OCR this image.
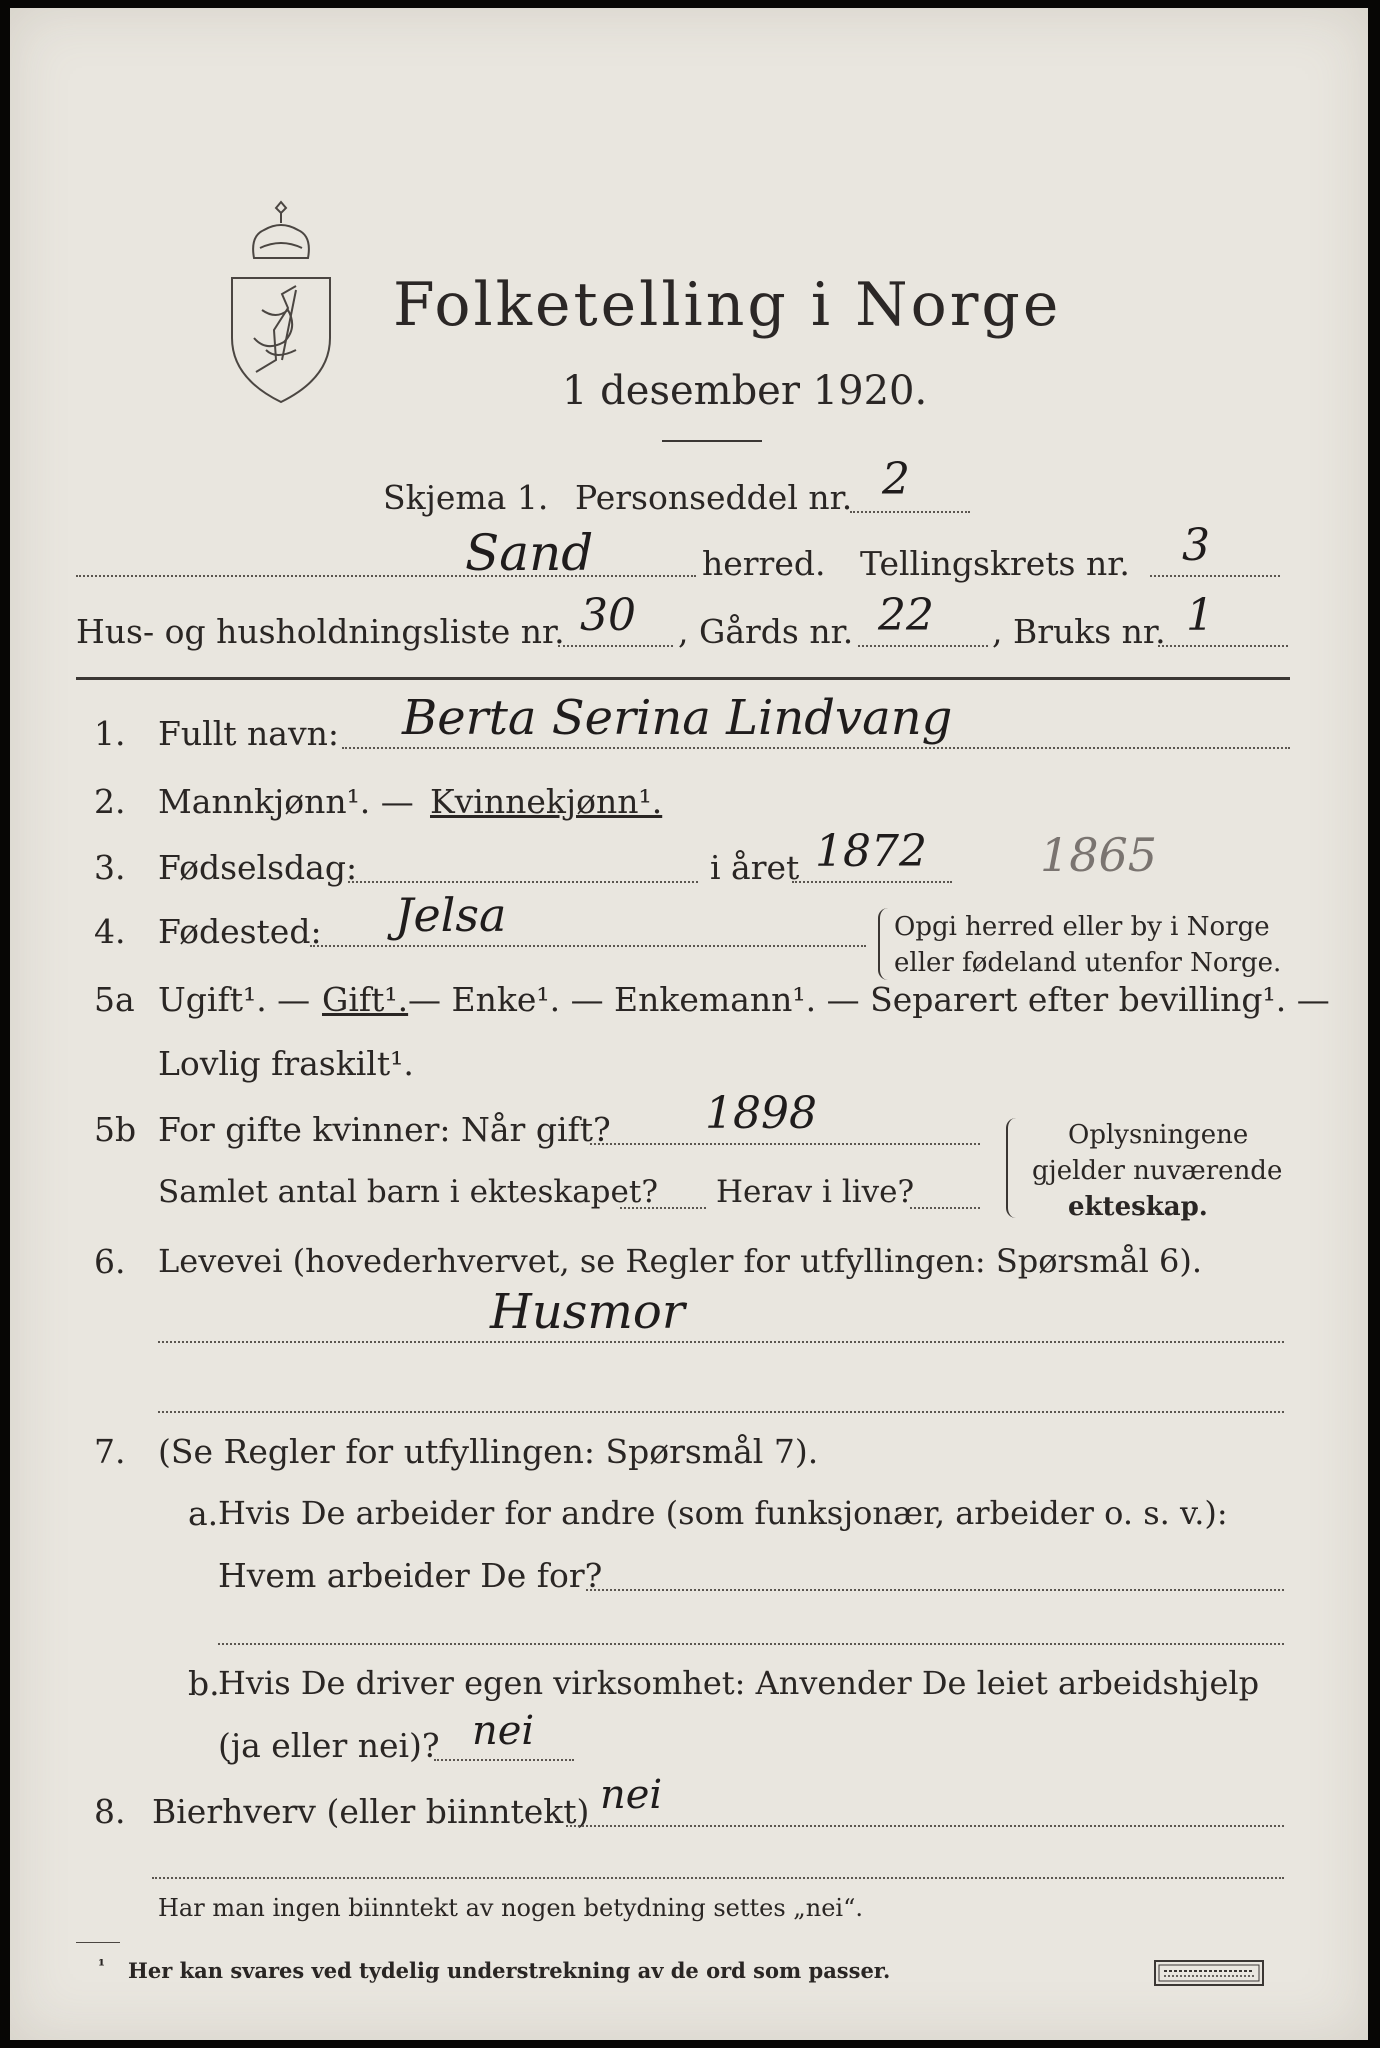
Folketelling i Norge
1 desember 1920.
Skjema 1. Personseddel nr. 2
Sand	herred. Tellingskrets nr. 3
Hus- og husholdningsliste nr. 30 , Gårds nr. 22 , Bruks nr. 1
1. Fullt navn: Berta Serina Lindvang
2. Mannkjønn¹. — Kvinnekjønn¹.
3. Fødselsdag:	i året 1872 1865
4. Fødested: Jelsa	Opgi herred eller by i Norge
eller fødeland utenfor Norge.
5a Ugift¹. — Gift¹. — Enke¹. — Enkemann¹. — Separert efter bevilling¹. —
Lovlig fraskilt¹.
5b For gifte kvinner: Når gift? 1898
Samlet antal barn i ekteskapet? Herav i live?
Oplysningene
gjelder nuværende
ekteskap.
6. Levevei (hovederhvervet, se Regler for utfyllingen: Spørsmål 6).
Husmor
7. (Se Regler for utfyllingen: Spørsmål 7).
a. Hvis De arbeider for andre (som funksjonær, arbeider o. s. v.):
Hvem arbeider De for?
b.
Hvis De driver egen virksomhet: Anvender De leiet arbeidshjelp
(ja eller nei)? nei
8. Bierhverv (eller biinntekt) nei
Har man ingen biinntekt av nogen betydning settes „nei“.
¹ Her kan svares ved tydelig understrekning av de ord som passer.
